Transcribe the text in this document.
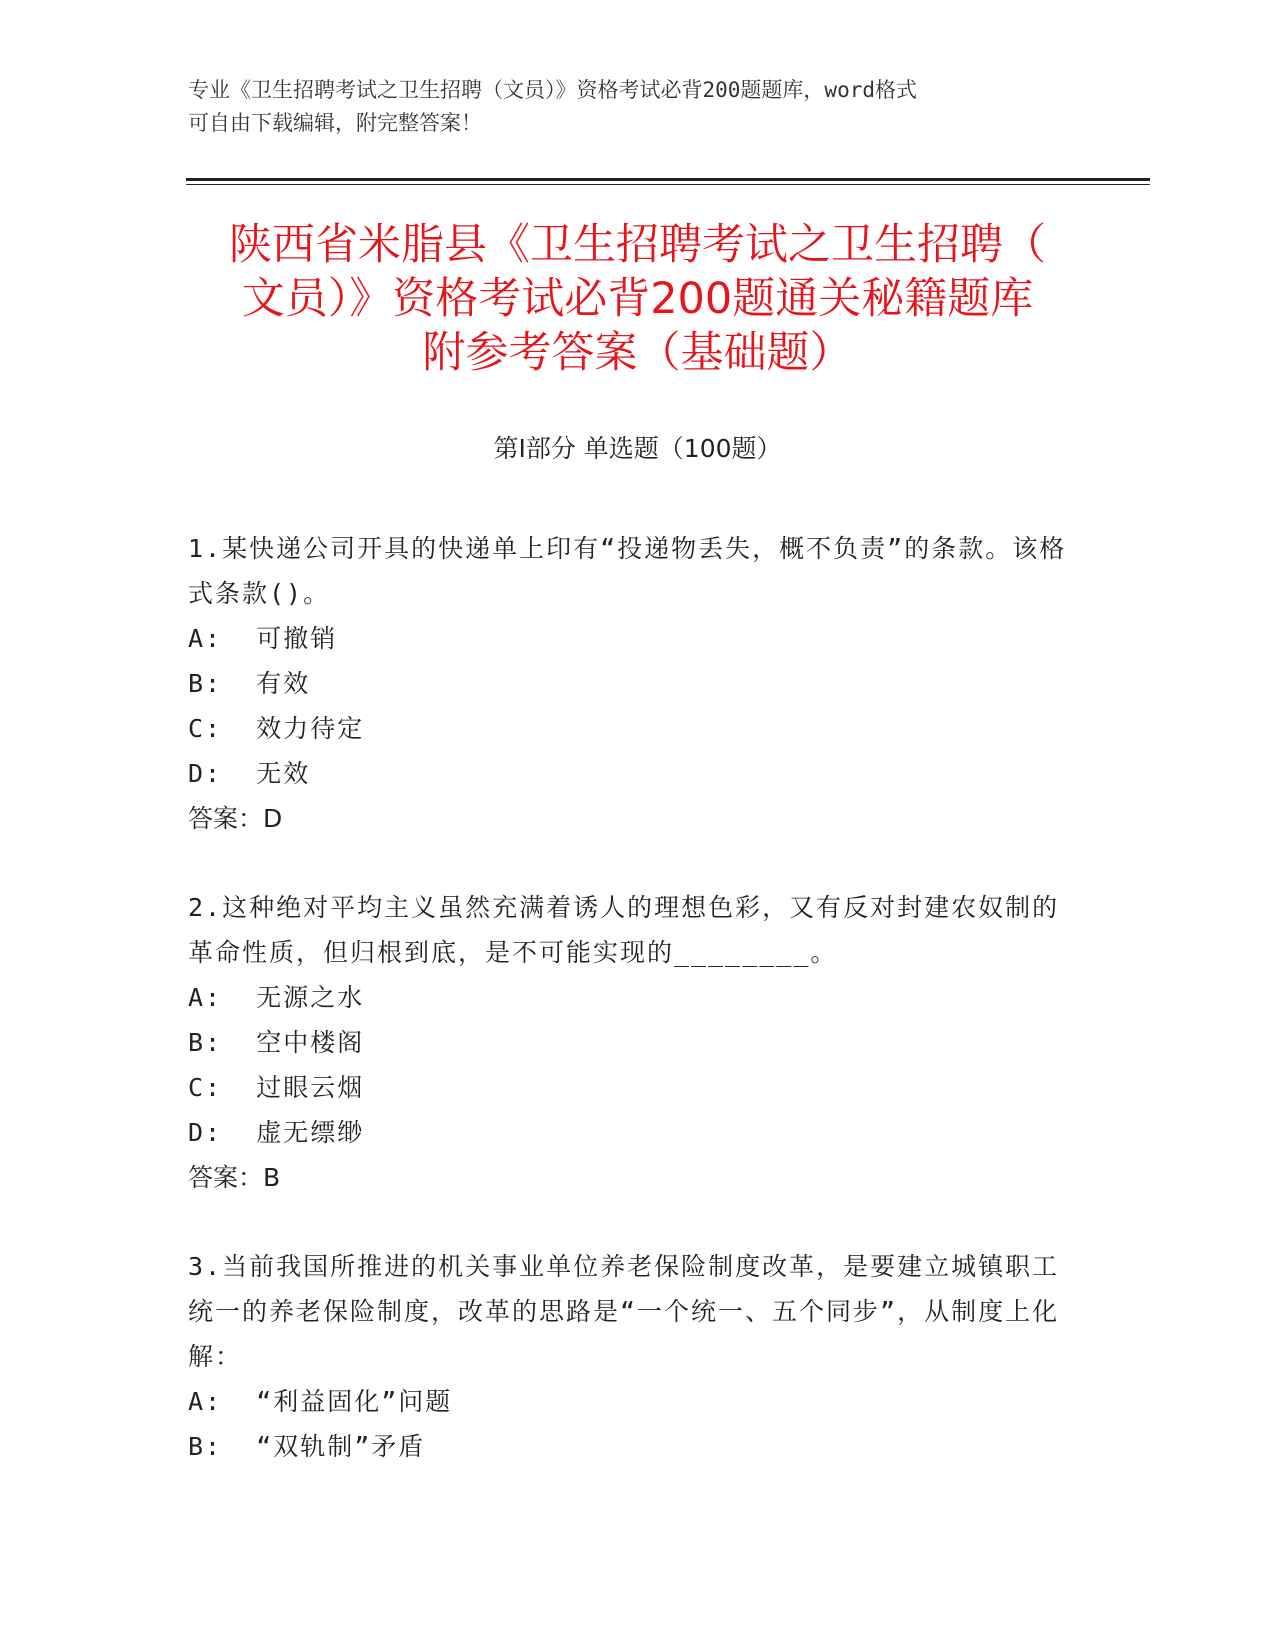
专业《卫生招聘考试之卫生招聘（文员）》资格考试必背200题题库，word格式
可自由下载编辑，附完整答案！
陕西省米脂县《卫生招聘考试之卫生招聘（
文员）》资格考试必背200题通关秘籍题库
附参考答案（基础题）
第Ⅰ部分 单选题（100题）
1.某快递公司开具的快递单上印有“投递物丢失，概不负责”的条款。该格式条款()。
A:  可撤销
B:  有效
C:  效力待定
D:  无效
答案：D
2.这种绝对平均主义虽然充满着诱人的理想色彩，又有反对封建农奴制的革命性质，但归根到底，是不可能实现的________。
A:  无源之水
B:  空中楼阁
C:  过眼云烟
D:  虚无缥缈
答案：B
3.当前我国所推进的机关事业单位养老保险制度改革，是要建立城镇职工统一的养老保险制度，改革的思路是“一个统一、五个同步”，从制度上化解：
A:  “利益固化”问题
B:  “双轨制”矛盾
